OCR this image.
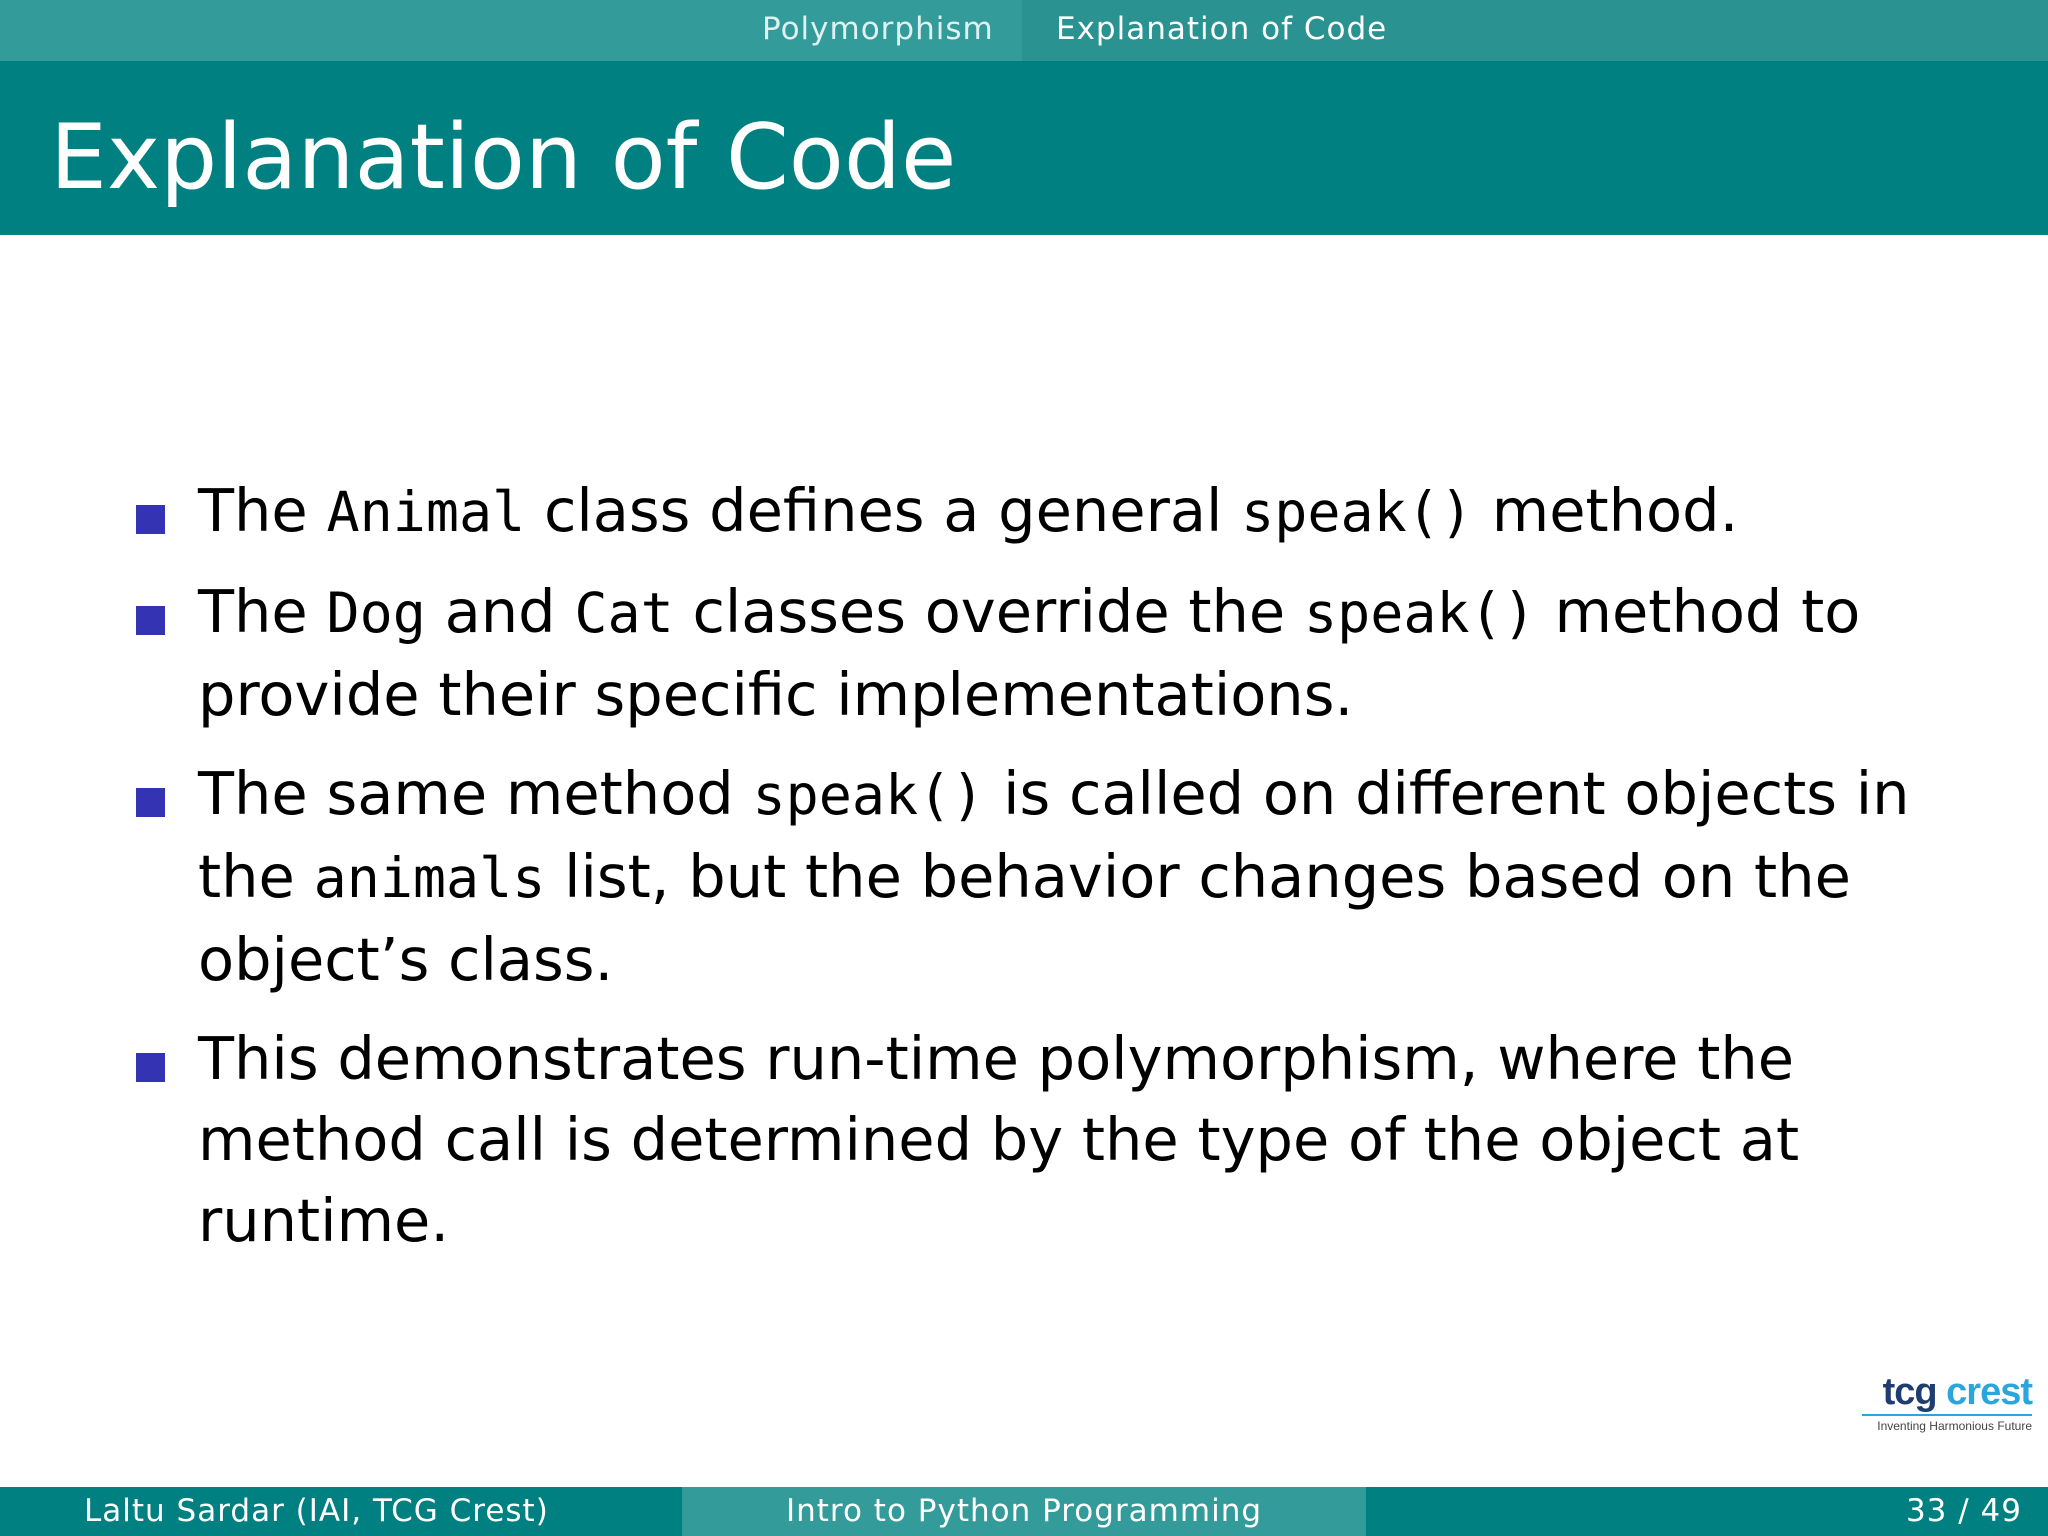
Polymorphism Explanation of Code
Explanation of Code
The Animal class defines a general speak() method.
The Dog and Cat classes override the speak() method to provide their specific implementations.
The same method speak() is called on different objects in the animals list, but the behavior changes based on the object’s class.
This demonstrates run-time polymorphism, where the method call is determined by the type of the object at runtime.
tcg crest
Inventing Harmonious Future
Laltu Sardar (IAI, TCG Crest)	Intro to Python Programming	33 / 49
